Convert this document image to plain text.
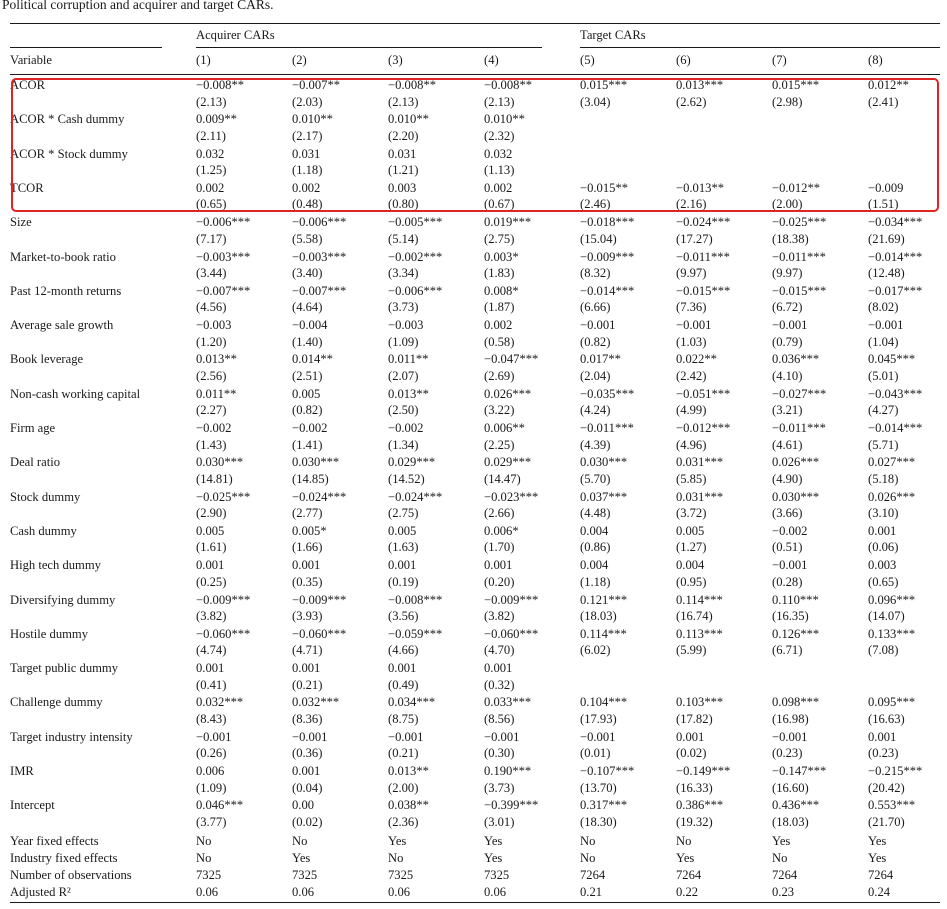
Political corruption and acquirer and target CARs.
Acquirer CARs	Target CARs
Variable	(1)	(2)	(3)	(4)	(5)	(6)	(7)	(8)
ACOR	−0.008**	−0.007**	−0.008**	−0.008**	0.015***	0.013***	0.015***	0.012**
(2.13)	(2.03)	(2.13)	(2.13)	(3.04)	(2.62)	(2.98)	(2.41)
ACOR * Cash dummy	0.009**	0.010**	0.010**	0.010**
(2.11)	(2.17)	(2.20)	(2.32)
ACOR * Stock dummy	0.032	0.031	0.031	0.032
(1.25)	(1.18)	(1.21)	(1.13)
TCOR	0.002	0.002	0.003	0.002	−0.015**	−0.013**	−0.012**	−0.009
(0.65)	(0.48)	(0.80)	(0.67)	(2.46)	(2.16)	(2.00)	(1.51)
Size	−0.006***	−0.006***	−0.005***	0.019***	−0.018***	−0.024***	−0.025***	−0.034***
(7.17)	(5.58)	(5.14)	(2.75)	(15.04)	(17.27)	(18.38)	(21.69)
Market-to-book ratio	−0.003***	−0.003***	−0.002***	0.003*	−0.009***	−0.011***	−0.011***	−0.014***
(3.44)	(3.40)	(3.34)	(1.83)	(8.32)	(9.97)	(9.97)	(12.48)
Past 12-month returns	−0.007***	−0.007***	−0.006***	0.008*	−0.014***	−0.015***	−0.015***	−0.017***
(4.56)	(4.64)	(3.73)	(1.87)	(6.66)	(7.36)	(6.72)	(8.02)
Average sale growth	−0.003	−0.004	−0.003	0.002	−0.001	−0.001	−0.001	−0.001
(1.20)	(1.40)	(1.09)	(0.58)	(0.82)	(1.03)	(0.79)	(1.04)
Book leverage	0.013**	0.014**	0.011**	−0.047***	0.017**	0.022**	0.036***	0.045***
(2.56)	(2.51)	(2.07)	(2.69)	(2.04)	(2.42)	(4.10)	(5.01)
Non-cash working capital	0.011**	0.005	0.013**	0.026***	−0.035***	−0.051***	−0.027***	−0.043***
(2.27)	(0.82)	(2.50)	(3.22)	(4.24)	(4.99)	(3.21)	(4.27)
Firm age	−0.002	−0.002	−0.002	0.006**	−0.011***	−0.012***	−0.011***	−0.014***
(1.43)	(1.41)	(1.34)	(2.25)	(4.39)	(4.96)	(4.61)	(5.71)
Deal ratio	0.030***	0.030***	0.029***	0.029***	0.030***	0.031***	0.026***	0.027***
(14.81)	(14.85)	(14.52)	(14.47)	(5.70)	(5.85)	(4.90)	(5.18)
Stock dummy	−0.025***	−0.024***	−0.024***	−0.023***	0.037***	0.031***	0.030***	0.026***
(2.90)	(2.77)	(2.75)	(2.66)	(4.48)	(3.72)	(3.66)	(3.10)
Cash dummy	0.005	0.005*	0.005	0.006*	0.004	0.005	−0.002	0.001
(1.61)	(1.66)	(1.63)	(1.70)	(0.86)	(1.27)	(0.51)	(0.06)
High tech dummy	0.001	0.001	0.001	0.001	0.004	0.004	−0.001	0.003
(0.25)	(0.35)	(0.19)	(0.20)	(1.18)	(0.95)	(0.28)	(0.65)
Diversifying dummy	−0.009***	−0.009***	−0.008***	−0.009***	0.121***	0.114***	0.110***	0.096***
(3.82)	(3.93)	(3.56)	(3.82)	(18.03)	(16.74)	(16.35)	(14.07)
Hostile dummy	−0.060***	−0.060***	−0.059***	−0.060***	0.114***	0.113***	0.126***	0.133***
(4.74)	(4.71)	(4.66)	(4.70)	(6.02)	(5.99)	(6.71)	(7.08)
Target public dummy	0.001	0.001	0.001	0.001
(0.41)	(0.21)	(0.49)	(0.32)
Challenge dummy	0.032***	0.032***	0.034***	0.033***	0.104***	0.103***	0.098***	0.095***
(8.43)	(8.36)	(8.75)	(8.56)	(17.93)	(17.82)	(16.98)	(16.63)
Target industry intensity	−0.001	−0.001	−0.001	−0.001	−0.001	0.001	−0.001	0.001
(0.26)	(0.36)	(0.21)	(0.30)	(0.01)	(0.02)	(0.23)	(0.23)
IMR	0.006	0.001	0.013**	0.190***	−0.107***	−0.149***	−0.147***	−0.215***
(1.09)	(0.04)	(2.00)	(3.73)	(13.70)	(16.33)	(16.60)	(20.42)
Intercept	0.046***	0.00	0.038**	−0.399***	0.317***	0.386***	0.436***	0.553***
(3.77)	(0.02)	(2.36)	(3.01)	(18.30)	(19.32)	(18.03)	(21.70)
Year fixed effects	No	No	Yes	Yes	No	No	Yes	Yes
Industry fixed effects	No	Yes	No	Yes	No	Yes	No	Yes
Number of observations	7325	7325	7325	7325	7264	7264	7264	7264
Adjusted R²	0.06	0.06	0.06	0.06	0.21	0.22	0.23	0.24
